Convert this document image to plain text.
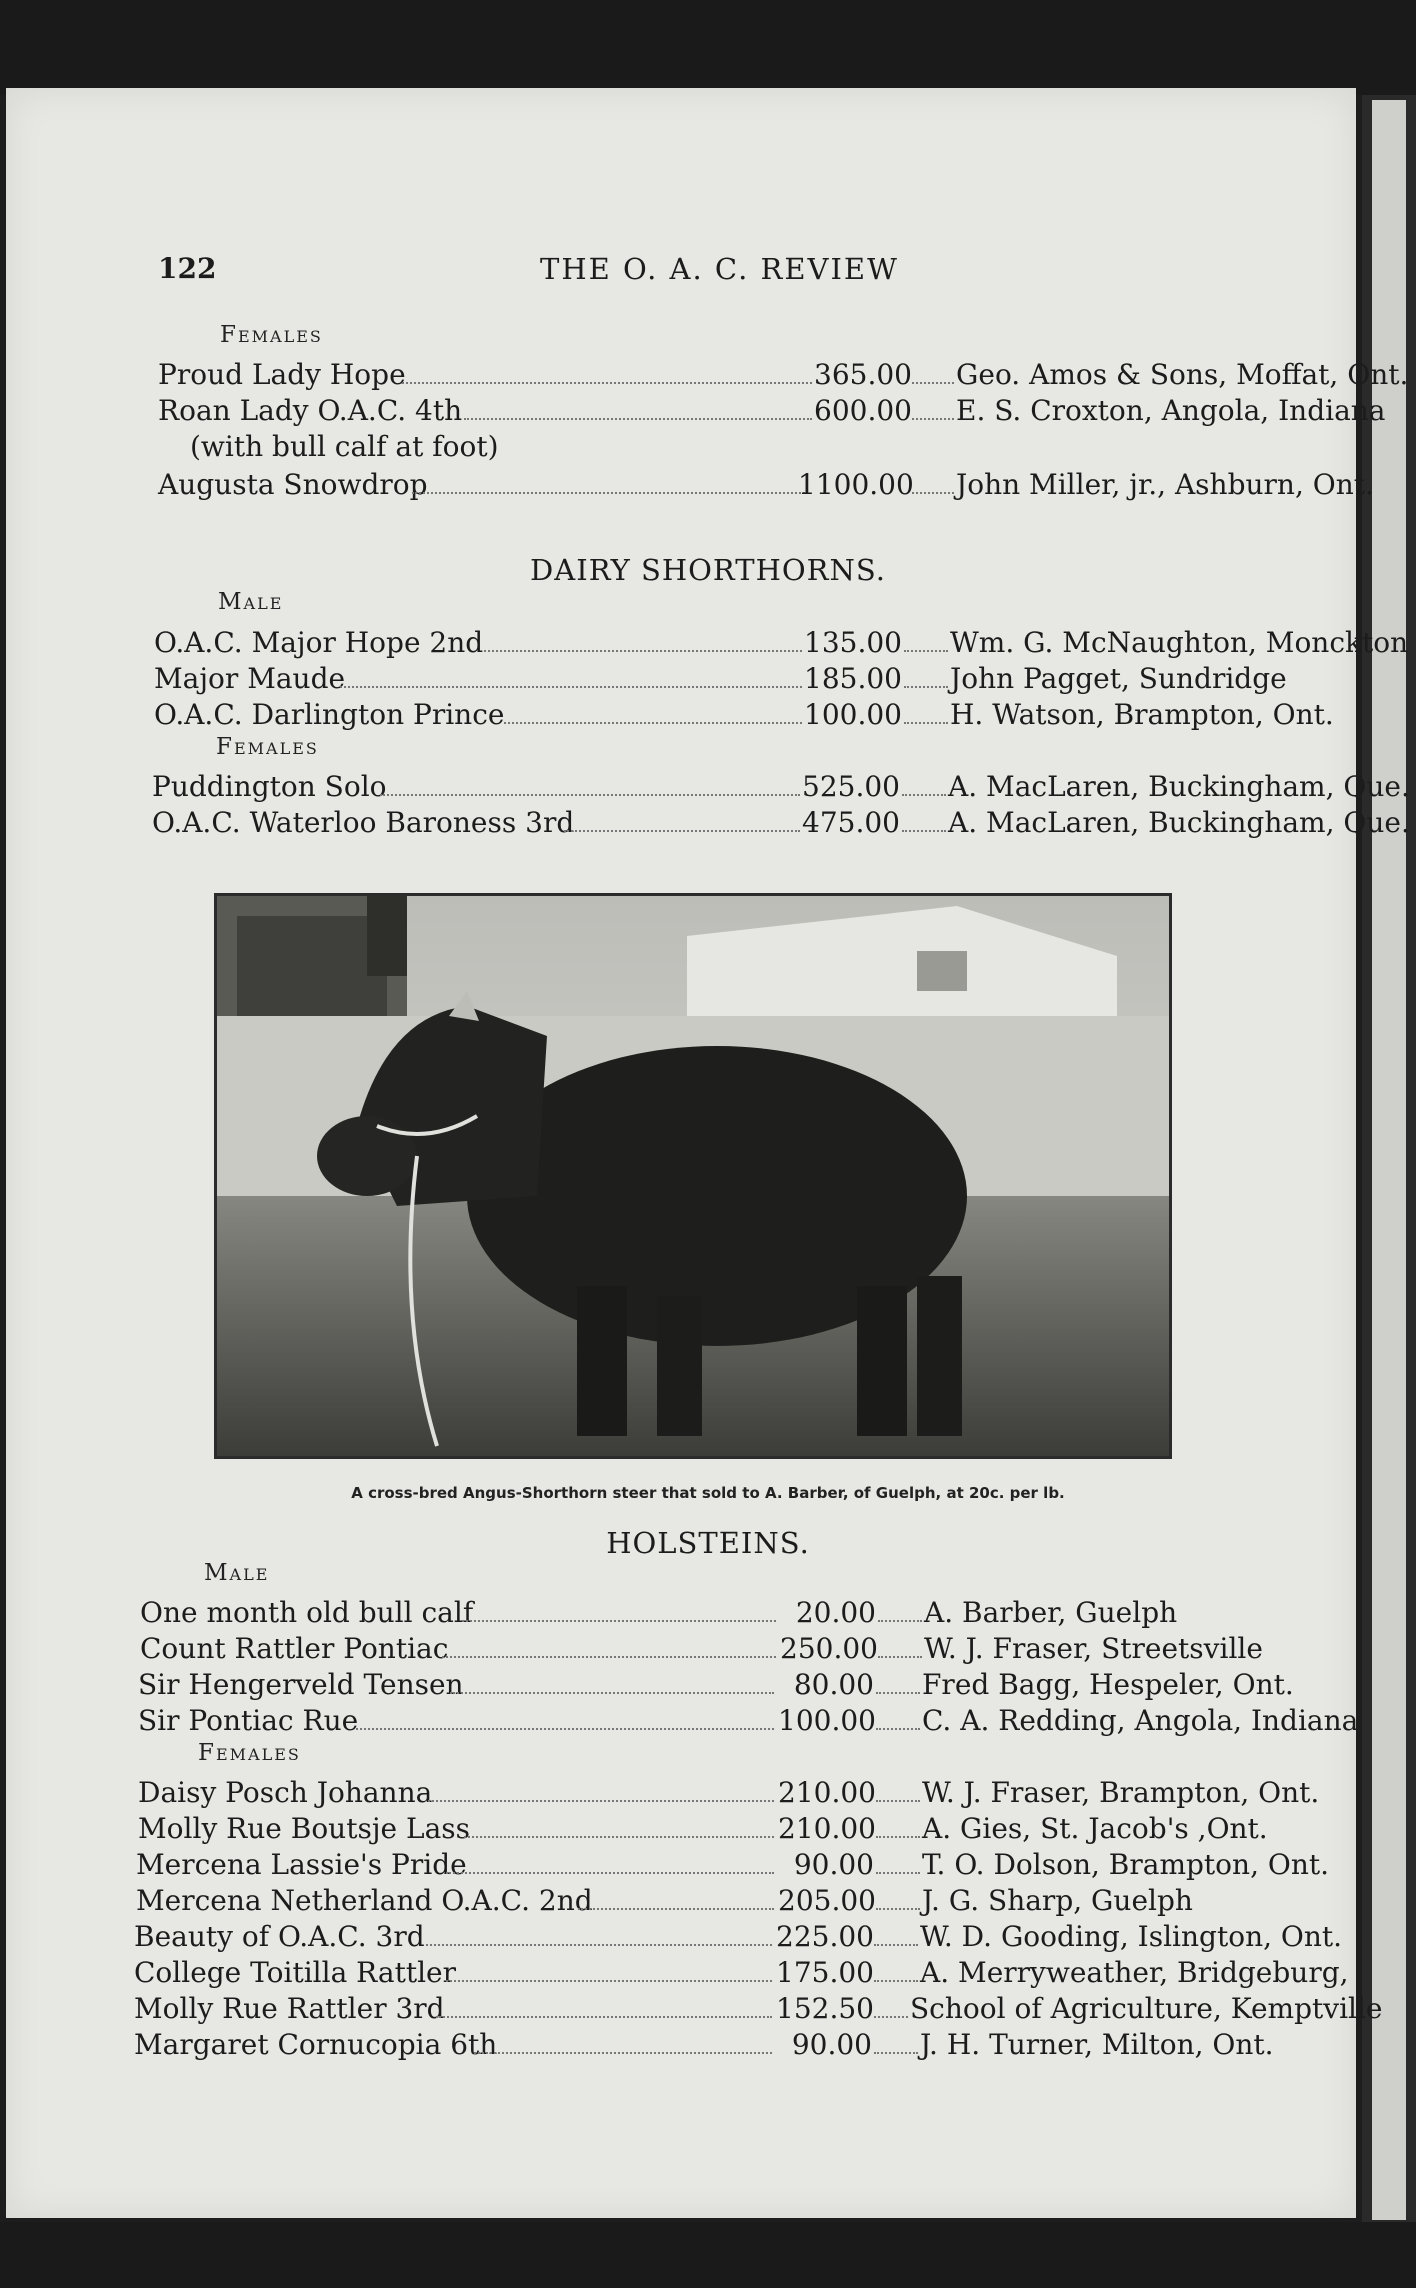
122	THE O. A. C. REVIEW
Females
Proud Lady Hope	365.00 Geo. Amos & Sons, Moffat, Ont.
Roan Lady O.A.C. 4th	600.00 E. S. Croxton, Angola, Indiana
(with bull calf at foot)
Augusta Snowdrop	1100.00 John Miller, jr., Ashburn, Ont.
DAIRY SHORTHORNS.
Male
O.A.C. Major Hope 2nd	135.00 Wm. G. McNaughton, Monckton
Major Maude	185.00 John Pagget, Sundridge
O.A.C. Darlington Prince	100.00 H. Watson, Brampton, Ont.
Females
Puddington Solo	525.00 A. MacLaren, Buckingham, Que.
O.A.C. Waterloo Baroness 3rd	475.00 A. MacLaren, Buckingham, Que.
A cross-bred Angus-Shorthorn steer that sold to A. Barber, of Guelph, at 20c. per lb.
HOLSTEINS.
Male
One month old bull calf	20.00 A. Barber, Guelph
Count Rattler Pontiac	250.00 W. J. Fraser, Streetsville
Sir Hengerveld Tensen	80.00 Fred Bagg, Hespeler, Ont.
Sir Pontiac Rue	100.00 C. A. Redding, Angola, Indiana
Females
Daisy Posch Johanna	210.00 W. J. Fraser, Brampton, Ont.
Molly Rue Boutsje Lass	210.00 A. Gies, St. Jacob's ,Ont.
Mercena Lassie's Pride	90.00 T. O. Dolson, Brampton, Ont.
Mercena Netherland O.A.C. 2nd	205.00 J. G. Sharp, Guelph
Beauty of O.A.C. 3rd	225.00 W. D. Gooding, Islington, Ont.
College Toitilla Rattler	175.00 A. Merryweather, Bridgeburg,
Molly Rue Rattler 3rd	152.50 School of Agriculture, Kemptville
Margaret Cornucopia 6th	90.00 J. H. Turner, Milton, Ont.
